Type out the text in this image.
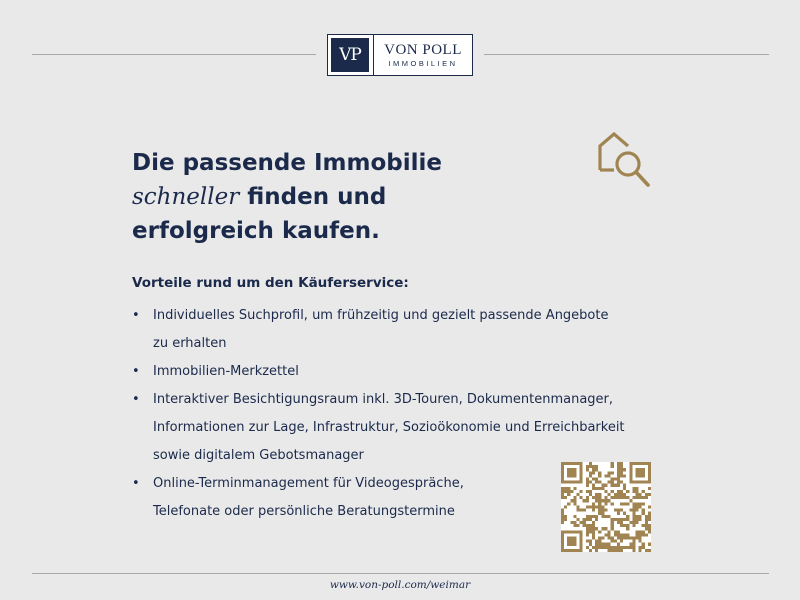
VP	VON POLL
IMMOBILIEN
Die passende Immobilie
schneller finden und
erfolgreich kaufen.
Vorteile rund um den Käuferservice:
• Individuelles Suchprofil, um frühzeitig und gezielt passende Angebote
zu erhalten
• Immobilien-Merkzettel
• Interaktiver Besichtigungsraum inkl. 3D-Touren, Dokumentenmanager,
Informationen zur Lage, Infrastruktur, Sozioökonomie und Erreichbarkeit
sowie digitalem Gebotsmanager
• Online-Terminmanagement für Videogespräche,
Telefonate oder persönliche Beratungstermine
www.von-poll.com/weimar
